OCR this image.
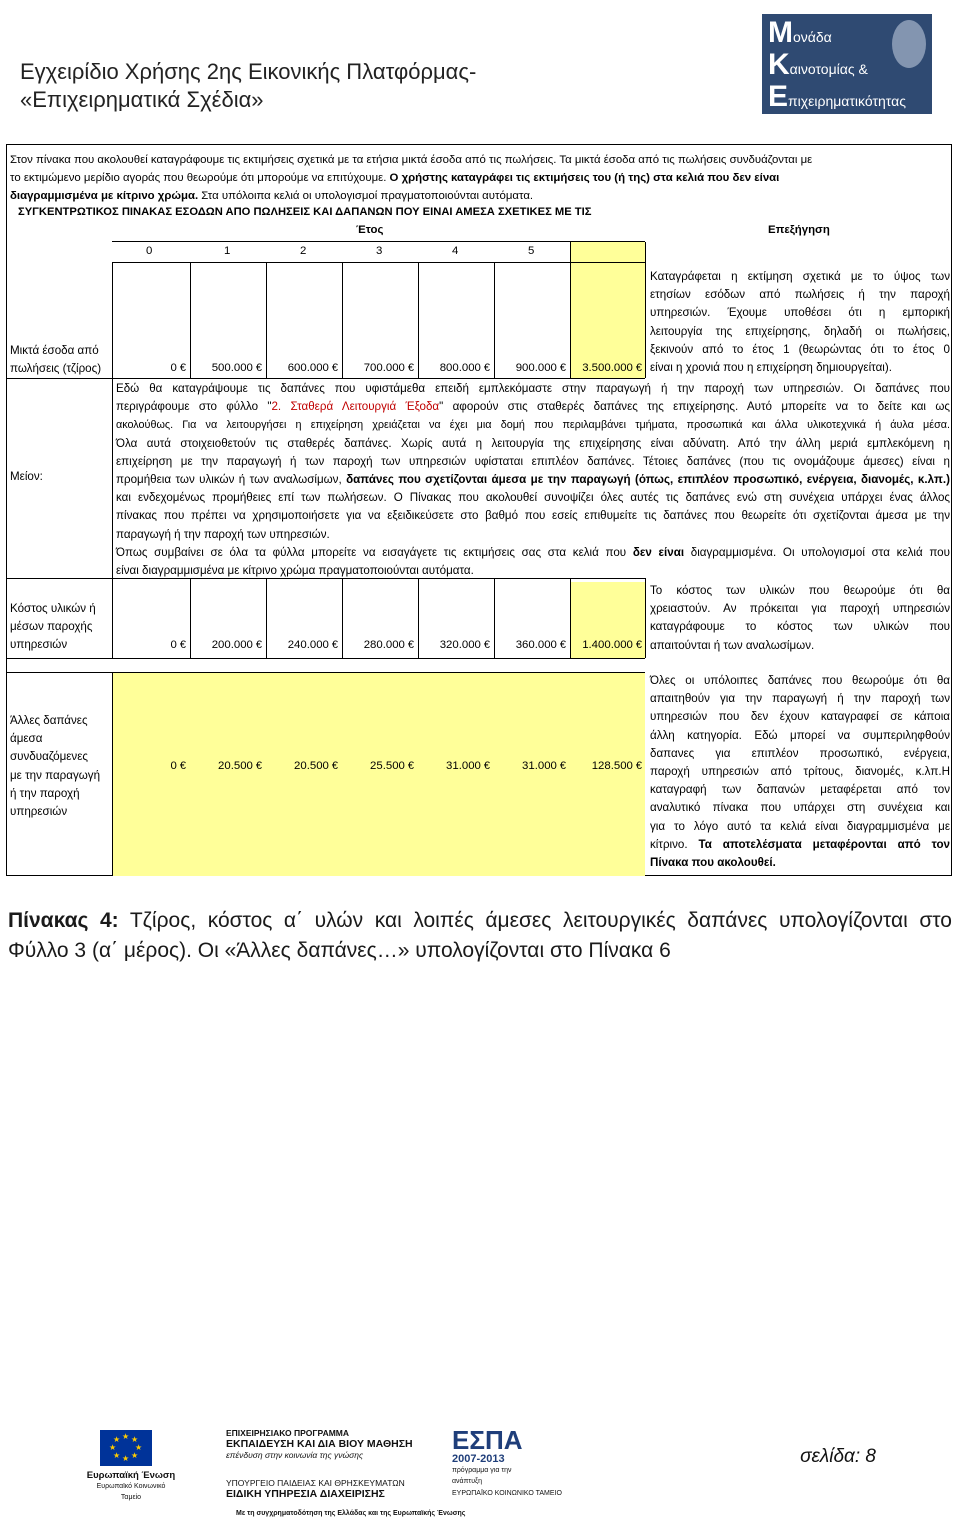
Εγχειρίδιο Χρήσης 2ης Εικονικής Πλατφόρμας-
«Επιχειρηματικά Σχέδια»
Μονάδα
Καινοτομίας &
Επιχειρηματικότητας
Στον πίνακα που ακολουθεί καταγράφουμε τις εκτιμήσεις σχετικά με τα ετήσια μικτά έσοδα από τις πωλήσεις. Τα μικτά έσοδα από τις πωλήσεις συνδυάζονται με
το εκτιμώμενο μερίδιο αγοράς που θεωρούμε ότι μπορούμε να επιτύχουμε. Ο χρήστης καταγράφει τις εκτιμήσεις του (ή της) στα κελιά που δεν είναι
διαγραμμισμένα με κίτρινο χρώμα. Στα υπόλοιπα κελιά οι υπολογισμοί πραγματοποιούνται αυτόματα.
ΣΥΓΚΕΝΤΡΩΤΙΚΟΣ ΠΙΝΑΚΑΣ ΕΣΟΔΩΝ ΑΠΟ ΠΩΛΗΣΕΙΣ ΚΑΙ ΔΑΠΑΝΩΝ ΠΟΥ ΕΙΝΑΙ ΑΜΕΣΑ ΣΧΕΤΙΚΕΣ ΜΕ ΤΙΣ
Έτος	Επεξήγηση
0	1	2	3	4	5
Μικτά έσοδα από
πωλήσεις (τζίρος)	0 €	500.000 €	600.000 €	700.000 €	800.000 €	900.000 €	3.500.000 €
Καταγράφεται η εκτίμηση σχετικά με το ύψος των
ετησίων εσόδων από πωλήσεις ή την παροχή
υπηρεσιών. Έχουμε υποθέσει ότι η εμπορική
λειτουργία της επιχείρησης, δηλαδή οι πωλήσεις,
ξεκινούν από το έτος 1 (θεωρώντας ότι το έτος 0
είναι η χρονιά που η επιχείρηση δημιουργείται).
Μείον:
Εδώ θα καταγράψουμε τις δαπάνες που υφιστάμεθα επειδή εμπλεκόμαστε στην παραγωγή ή την παροχή των υπηρεσιών. Οι δαπάνες που
περιγράφουμε στο φύλλο "2. Σταθερά Λειτουργιά Έξοδα" αφορούν στις σταθερές δαπάνες της επιχείρησης. Αυτό μπορείτε να το δείτε και ως
ακολούθως. Για να λειτουργήσει η επιχείρηση χρειάζεται να έχει μια δομή που περιλαμβάνει τμήματα, προσωπικά και άλλα υλικοτεχνικά ή άυλα μέσα.
Όλα αυτά στοιχειοθετούν τις σταθερές δαπάνες. Χωρίς αυτά η λειτουργία της επιχείρησης είναι αδύνατη. Από την άλλη μεριά εμπλεκόμενη η
επιχείρηση με την παραγωγή ή των παροχή των υπηρεσιών υφίσταται επιπλέον δαπάνες. Τέτοιες δαπάνες (που τις ονομάζουμε άμεσες) είναι η
προμήθεια των υλικών ή των αναλωσίμων, δαπάνες που σχετίζονται άμεσα με την παραγωγή (όπως, επιπλέον προσωπικό, ενέργεια, διανομές, κ.λπ.)
και ενδεχομένως προμήθειες επί των πωλήσεων. Ο Πίνακας που ακολουθεί συνοψίζει όλες αυτές τις δαπάνες ενώ στη συνέχεια υπάρχει ένας άλλος
πίνακας που πρέπει να χρησιμοποιήσετε για να εξειδικεύσετε στο βαθμό που εσείς επιθυμείτε τις δαπάνες που θεωρείτε ότι σχετίζονται άμεσα με την
παραγωγή ή την παροχή των υπηρεσιών.
Όπως συμβαίνει σε όλα τα φύλλα μπορείτε να εισαγάγετε τις εκτιμήσεις σας στα κελιά που δεν είναι διαγραμμισμένα. Οι υπολογισμοί στα κελιά που
είναι διαγραμμισμένα με κίτρινο χρώμα πραγματοποιούνται αυτόματα.
Κόστος υλικών ή
μέσων παροχής
υπηρεσιών	0 €	200.000 €	240.000 €	280.000 €	320.000 €	360.000 €	1.400.000 €
Το κόστος των υλικών που θεωρούμε ότι θα
χρειαστούν. Αν πρόκειται για παροχή υπηρεσιών
καταγράφουμε το κόστος των υλικών που
απαιτούνται ή των αναλωσίμων.
Άλλες δαπάνες
άμεσα
συνδυαζόμενες
με την παραγωγή
ή την παροχή
υπηρεσιών
0 €	20.500 €	20.500 €	25.500 €	31.000 €	31.000 €	128.500 €
Όλες οι υπόλοιπες δαπάνες που θεωρούμε ότι θα
απαιτηθούν για την παραγωγή ή την παροχή των
υπηρεσιών που δεν έχουν καταγραφεί σε κάποια
άλλη κατηγορία. Εδώ μπορεί να συμπεριληφθούν
δαπανες για επιπλέον προσωπικό, ενέργεια,
παροχή υπηρεσιών από τρίτους, διανομές, κ.λπ.Η
καταγραφή των δαπανών μεταφέρεται από τον
αναλυτικό πίνακα που υπάρχει στη συνέχεια και
για το λόγο αυτό τα κελιά είναι διαγραμμισμένα με
κίτρινο. Τα αποτελέσματα μεταφέρονται από τον
Πίνακα που ακολουθεί.
Πίνακας 4: Τζίρος, κόστος α΄ υλών και λοιπές άμεσες λειτουργικές δαπάνες υπολογίζονται στο
Φύλλο 3 (α΄ μέρος). Οι «Άλλες δαπάνες…» υπολογίζονται στο Πίνακα 6
★ ★
★
★
★
★
★
★
Ευρωπαϊκή Ένωση
Ευρωπαϊκό Κοινωνικό Ταμείο
ΕΠΙΧΕΙΡΗΣΙΑΚΟ ΠΡΟΓΡΑΜΜΑ
ΕΚΠΑΙΔΕΥΣΗ ΚΑΙ ΔΙΑ ΒΙΟΥ ΜΑΘΗΣΗ
επένδυση στην κοινωνία της γνώσης
ΥΠΟΥΡΓΕΙΟ ΠΑΙΔΕΙΑΣ ΚΑΙ ΘΡΗΣΚΕΥΜΑΤΩΝ
ΕΙΔΙΚΗ ΥΠΗΡΕΣΙΑ ΔΙΑΧΕΙΡΙΣΗΣ
ΕΣΠΑ
2007-2013
πρόγραμμα για την ανάπτυξη
ΕΥΡΩΠΑΪΚΟ ΚΟΙΝΩΝΙΚΟ ΤΑΜΕΙΟ
Με τη συγχρηματοδότηση της Ελλάδας και της Ευρωπαϊκής Ένωσης
σελίδα: 8
